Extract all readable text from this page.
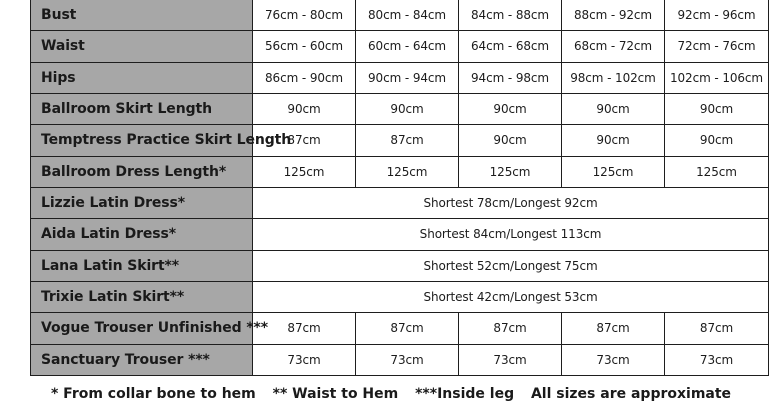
Bust	76cm - 80cm	80cm - 84cm	84cm - 88cm	88cm - 92cm	92cm - 96cm
Waist	56cm - 60cm	60cm - 64cm	64cm - 68cm	68cm - 72cm	72cm - 76cm
Hips	86cm - 90cm	90cm - 94cm	94cm - 98cm	98cm - 102cm	102cm - 106cm
Ballroom Skirt Length	90cm	90cm	90cm	90cm	90cm
Temptress Practice Skirt Length	87cm	87cm	90cm	90cm	90cm
Ballroom Dress Length*	125cm	125cm	125cm	125cm	125cm
Lizzie Latin Dress*	Shortest 78cm/Longest 92cm				
Aida Latin Dress*	Shortest 84cm/Longest 113cm				
Lana Latin Skirt**	Shortest 52cm/Longest 75cm				
Trixie Latin Skirt**	Shortest 42cm/Longest 53cm				
Vogue Trouser Unfinished ***	87cm	87cm	87cm	87cm	87cm
Sanctuary Trouser ***	73cm	73cm	73cm	73cm	73cm
* From collar bone to hem ** Waist to Hem ***Inside leg All sizes are approximate
